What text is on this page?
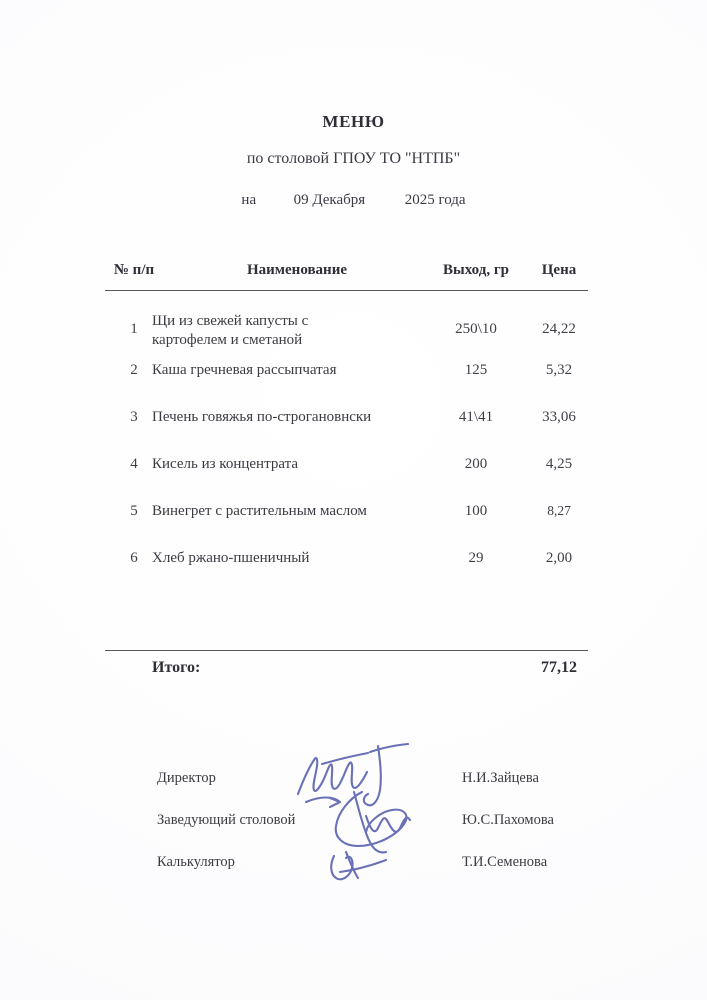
МЕНЮ
по столовой ГПОУ ТО "НТПБ"
на	09 Декабря	2025 года
№ п/п	Наименование	Выход, гр	Цена
1 Щи из свежей капусты с
картофелем и сметаной
250\10	24,22
2 Каша гречневая рассыпчатая	125	5,32
3 Печень говяжья по-строгановнски	41\41	33,06
4 Кисель из концентрата	200	4,25
5 Винегрет с растительным маслом	100	8,27
6 Хлеб ржано-пшеничный	29	2,00
Итого:	77,12
Директор	Н.И.Зайцева
Заведующий столовой	Ю.С.Пахомова
Калькулятор	Т.И.Семенова
